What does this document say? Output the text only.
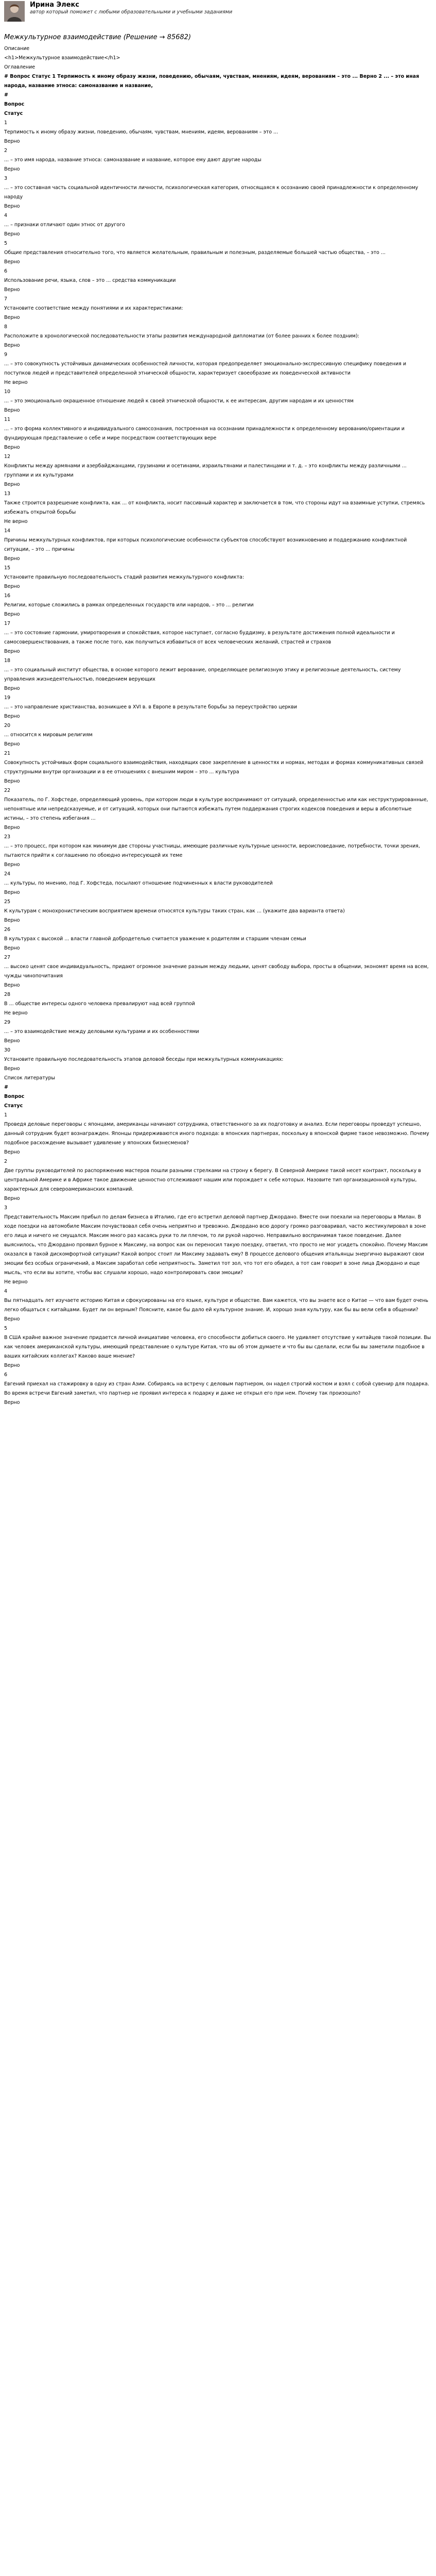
Ирина Элекс
автор который поможет с любыми образовательными и учебными заданиями
Межкультурное взаимодействие (Решение → 85682)
Описание
<h1>Межкультурное взаимодействие</h1>
Оглавление
# Вопрос Статус 1 Терпимость к иному образу жизни, поведению, обычаям, чувствам, мнениям, идеям, верованиям – это ... Верно 2 ... – это иная народа, название этноса: самоназвание и название,
#
Вопрос
Статус
1
Терпимость к иному образу жизни, поведению, обычаям, чувствам, мнениям, идеям, верованиям – это ...
Верно
2
... – это имя народа, название этноса: самоназвание и название, которое ему дают другие народы
Верно
3
... – это составная часть социальной идентичности личности, психологическая категория, относящаяся к осознанию своей принадлежности к определенному народу
Верно
4
... – признаки отличают один этнос от другого
Верно
5
Общие представления относительно того, что является желательным, правильным и полезным, разделяемые большей частью общества, – это ...
Верно
6
Использование речи, языка, слов – это ... средства коммуникации
Верно
7
Установите соответствие между понятиями и их характеристиками:
Верно
8
Расположите в хронологической последовательности этапы развития международной дипломатии (от более ранних к более поздним):
Верно
9
... – это совокупность устойчивых динамических особенностей личности, которая предопределяет эмоционально-экспрессивную специфику поведения и поступков людей и представителей определенной этнической общности, характеризует своеобразие их поведенческой активности
Не верно
10
... – это эмоционально окрашенное отношение людей к своей этнической общности, к ее интересам, другим народам и их ценностям
Верно
11
... – это форма коллективного и индивидуального самосознания, построенная на осознании принадлежности к определенному верованию/ориентации и фундирующая представление о себе и мире посредством соответствующих вере
Верно
12
Конфликты между армянами и азербайджанцами, грузинами и осетинами, израильтянами и палестинцами и т. д. – это конфликты между различными ... группами и их культурами
Верно
13
Также строится разрешение конфликта, как ... от конфликта, носит пассивный характер и заключается в том, что стороны идут на взаимные уступки, стремясь избежать открытой борьбы
Не верно
14
Причины межкультурных конфликтов, при которых психологические особенности субъектов способствуют возникновению и поддержанию конфликтной ситуации, – это ... причины
Верно
15
Установите правильную последовательность стадий развития межкультурного конфликта:
Верно
16
Религии, которые сложились в рамках определенных государств или народов, – это ... религии
Верно
17
... – это состояние гармонии, умиротворения и спокойствия, которое наступает, согласно буддизму, в результате достижения полной идеальности и самосовершенствования, а также после того, как получиться избавиться от всех человеческих желаний, страстей и страхов
Верно
18
... – это социальный институт общества, в основе которого лежит верование, определяющее религиозную этику и религиозные деятельность, систему управления жизнедеятельностью, поведением верующих
Верно
19
... – это направление христианства, возникшее в XVI в. в Европе в результате борьбы за переустройство церкви
Верно
20
... относится к мировым религиям
Верно
21
Совокупность устойчивых форм социального взаимодействия, находящих свое закрепление в ценностях и нормах, методах и формах коммуникативных связей структурными внутри организации и в ее отношениях с внешним миром – это ... культура
Верно
22
Показатель, по Г. Хофстеде, определяющий уровень, при котором люди в культуре воспринимают от ситуаций, определенностью или как неструктурированные, непонятные или непредсказуемые, и от ситуаций, которых они пытаются избежать путем поддержания строгих кодексов поведения и веры в абсолютные истины, – это степень избегания ...
Верно
23
... – это процесс, при котором как минимум две стороны участницы, имеющие различные культурные ценности, вероисповедание, потребности, точки зрения, пытаются прийти к соглашению по обоюдно интересующей их теме
Верно
24
... культуры, по мнению, под Г. Хофстеда, посылают отношение подчиненных к власти руководителей
Верно
25
К культурам с монохронистическим восприятием времени относятся культуры таких стран, как ... (укажите два варианта ответа)
Верно
26
В культурах с высокой ... власти главной добродетелью считается уважение к родителям и старшим членам семьи
Верно
27
... высоко ценят свое индивидуальность, придают огромное значение разным между людьми, ценят свободу выбора, просты в общении, экономят время на всем, чужды чинопочитания
Верно
28
В ... обществе интересы одного человека превалируют над всей группой
Не верно
29
... – это взаимодействие между деловыми культурами и их особенностями
Верно
30
Установите правильную последовательность этапов деловой беседы при межкультурных коммуникациях:
Верно
Список литературы
#
Вопрос
Статус
1
Проведя деловые переговоры с японцами, американцы начинают сотрудника, ответственного за их подготовку и анализ. Если переговоры проведут успешно, данный сотрудник будет вознагражден. Японцы придерживаются иного подхода: в японских партнерах, поскольку в японской фирме такое невозможно. Почему подобное расхождение вызывает удивление у японских бизнесменов?
Верно
2
Две группы руководителей по распоряжению мастеров пошли разными стрелками на строну к берегу. В Северной Америке такой несет контракт, поскольку в центральной Америке и в Африке такое движение ценностно отслеживают нашим или порождает к себе которых. Назовите тип организационной культуры, характерных для североамериканских компаний.
Верно
3
Представительность Максим прибыл по делам бизнеса в Италию, где его встретил деловой партнер Джордано. Вместе они поехали на переговоры в Милан. В ходе поездки на автомобиле Максим почувствовал себя очень неприятно и тревожно. Джордано всю дорогу громко разговаривал, часто жестикулировал в зоне его лица и ничего не смущался. Максим много раз касаясь руки то ли плечом, то ли рукой нарочно. Неправильно воспринимая такое поведение. Далее выяснилось, что Джордано проявил бурное к Максиму, на вопрос как он переносил такую поездку, ответил, что просто не мог усидеть спокойно. Почему Максим оказался в такой дискомфортной ситуации? Какой вопрос стоит ли Максиму задавать ему? В процессе делового общения итальянцы энергично выражают свои эмоции без особых ограничений, а Максим заработал себе неприятность. Заметил тот зол, что тот его обидел, а тот сам говорит в зоне лица Джордано и еще мысль, что если вы хотите, чтобы вас слушали хорошо, надо контролировать свои эмоции?
Не верно
4
Вы пятнадцать лет изучаете историю Китая и сфокусированы на его языке, культуре и обществе. Вам кажется, что вы знаете все о Китае — что вам будет очень легко общаться с китайцами. Будет ли он верным? Поясните, какое бы дало ей культурное знание. И, хорошо зная культуру, как бы вы вели себя в общении?
Верно
5
В США крайне важное значение придается личной инициативе человека, его способности добиться своего. Не удивляет отсутствие у китайцев такой позиции. Вы как человек американской культуры, имеющий представление о культуре Китая, что вы об этом думаете и что бы вы сделали, если бы вы заметили подобное в ваших китайских коллегах? Каково ваше мнение?
Верно
6
Евгений приехал на стажировку в одну из стран Азии. Собираясь на встречу с деловым партнером, он надел строгий костюм и взял с собой сувенир для подарка. Во время встречи Евгений заметил, что партнер не проявил интереса к подарку и даже не открыл его при нем. Почему так произошло?
Верно
